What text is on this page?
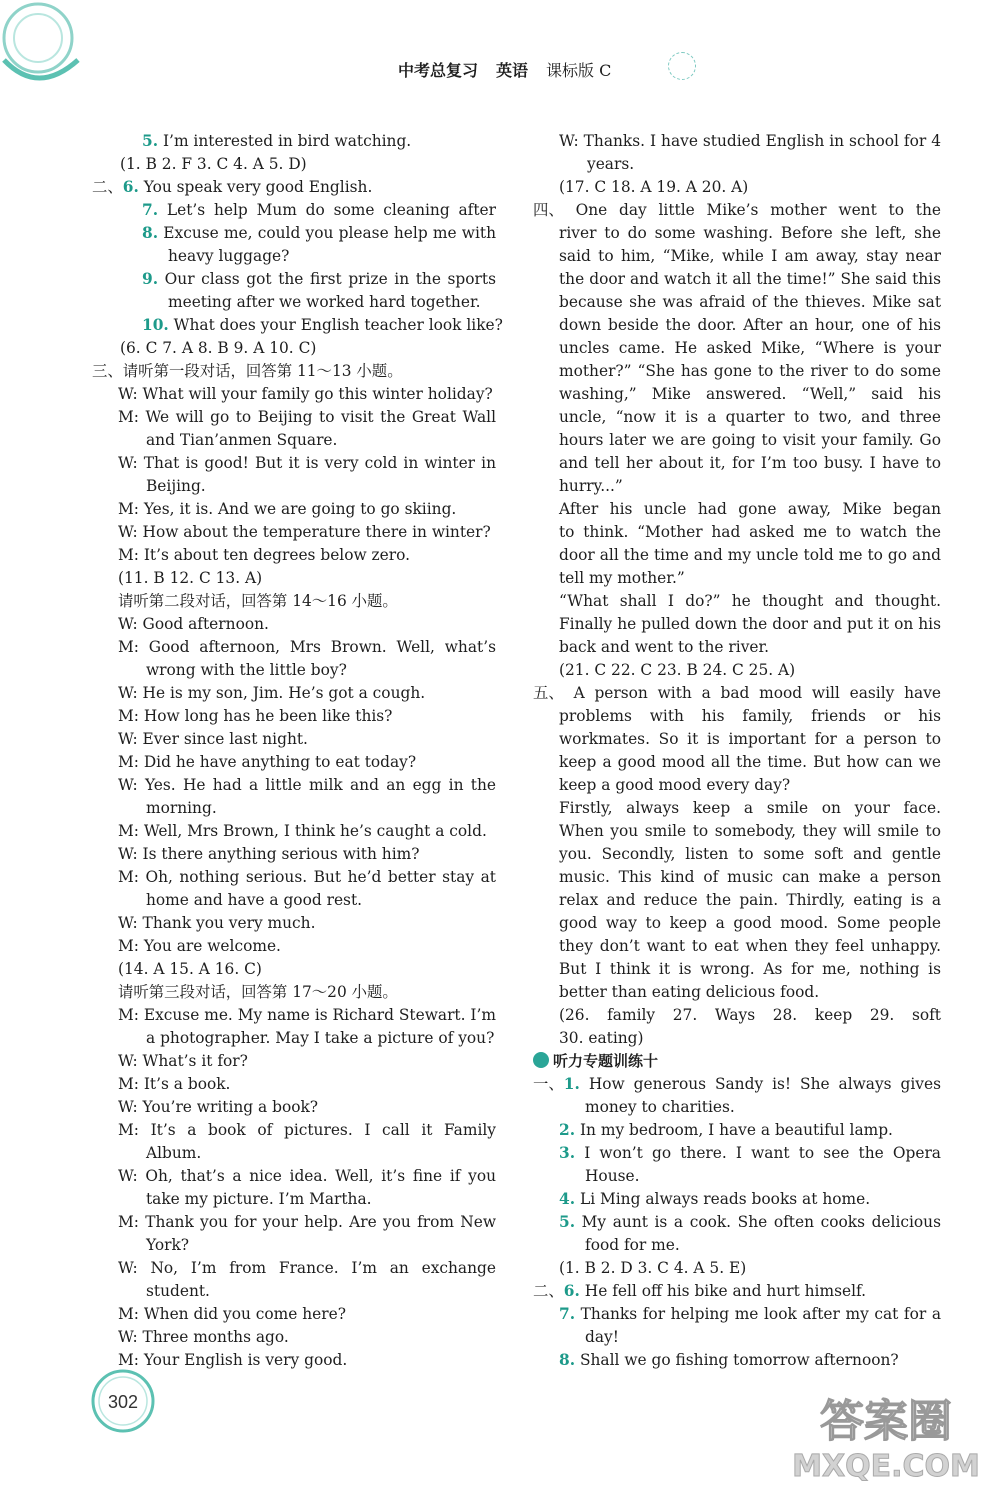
中考总复习 英语 课标版 C
5. I’m interested in bird watching.
(1. B 2. F 3. C 4. A 5. D)
二、6. You speak very good English.
7. Let’s help Mum do some cleaning after
8. Excuse me, could you please help me with
heavy luggage?
9. Our class got the first prize in the sports
meeting after we worked hard together.
10. What does your English teacher look like?
(6. C 7. A 8. B 9. A 10. C)
三、请听第一段对话，回答第 11～13 小题。
W: What will your family go this winter holiday?
M: We will go to Beijing to visit the Great Wall
and Tian’anmen Square.
W: That is good! But it is very cold in winter in
Beijing.
M: Yes, it is. And we are going to go skiing.
W: How about the temperature there in winter?
M: It’s about ten degrees below zero.
(11. B 12. C 13. A)
请听第二段对话，回答第 14～16 小题。
W: Good afternoon.
M: Good afternoon, Mrs Brown. Well, what’s
wrong with the little boy?
W: He is my son, Jim. He’s got a cough.
M: How long has he been like this?
W: Ever since last night.
M: Did he have anything to eat today?
W: Yes. He had a little milk and an egg in the
morning.
M: Well, Mrs Brown, I think he’s caught a cold.
W: Is there anything serious with him?
M: Oh, nothing serious. But he’d better stay at
home and have a good rest.
W: Thank you very much.
M: You are welcome.
(14. A 15. A 16. C)
请听第三段对话，回答第 17～20 小题。
M: Excuse me. My name is Richard Stewart. I’m
a photographer. May I take a picture of you?
W: What’s it for?
M: It’s a book.
W: You’re writing a book?
M: It’s a book of pictures. I call it Family
Album.
W: Oh, that’s a nice idea. Well, it’s fine if you
take my picture. I’m Martha.
M: Thank you for your help. Are you from New
York?
W: No, I’m from France. I’m an exchange
student.
M: When did you come here?
W: Three months ago.
M: Your English is very good.
W: Thanks. I have studied English in school for 4
years.
(17. C 18. A 19. A 20. A)
四、 One day little Mike’s mother went to the
river to do some washing. Before she left, she
said to him, “Mike, while I am away, stay near
the door and watch it all the time!” She said this
because she was afraid of the thieves. Mike sat
down beside the door. After an hour, one of his
uncles came. He asked Mike, “Where is your
mother?” “She has gone to the river to do some
washing,” Mike answered. “Well,” said his
uncle, “now it is a quarter to two, and three
hours later we are going to visit your family. Go
and tell her about it, for I’m too busy. I have to
hurry...”
After his uncle had gone away, Mike began
to think. “Mother had asked me to watch the
door all the time and my uncle told me to go and
tell my mother.”
“What shall I do?” he thought and thought.
Finally he pulled down the door and put it on his
back and went to the river.
(21. C 22. C 23. B 24. C 25. A)
五、 A person with a bad mood will easily have
problems with his family, friends or his
workmates. So it is important for a person to
keep a good mood all the time. But how can we
keep a good mood every day?
Firstly, always keep a smile on your face.
When you smile to somebody, they will smile to
you. Secondly, listen to some soft and gentle
music. This kind of music can make a person
relax and reduce the pain. Thirdly, eating is a
good way to keep a good mood. Some people
they don’t want to eat when they feel unhappy.
But I think it is wrong. As for me, nothing is
better than eating delicious food.
(26. family 27. Ways 28. keep 29. soft
30. eating)
听力专题训练十
一、1. How generous Sandy is! She always gives
money to charities.
2. In my bedroom, I have a beautiful lamp.
3. I won’t go there. I want to see the Opera
House.
4. Li Ming always reads books at home.
5. My aunt is a cook. She often cooks delicious
food for me.
(1. B 2. D 3. C 4. A 5. E)
二、6. He fell off his bike and hurt himself.
7. Thanks for helping me look after my cat for a
day!
8. Shall we go fishing tomorrow afternoon?
302	答案圈
MXQE.COM
